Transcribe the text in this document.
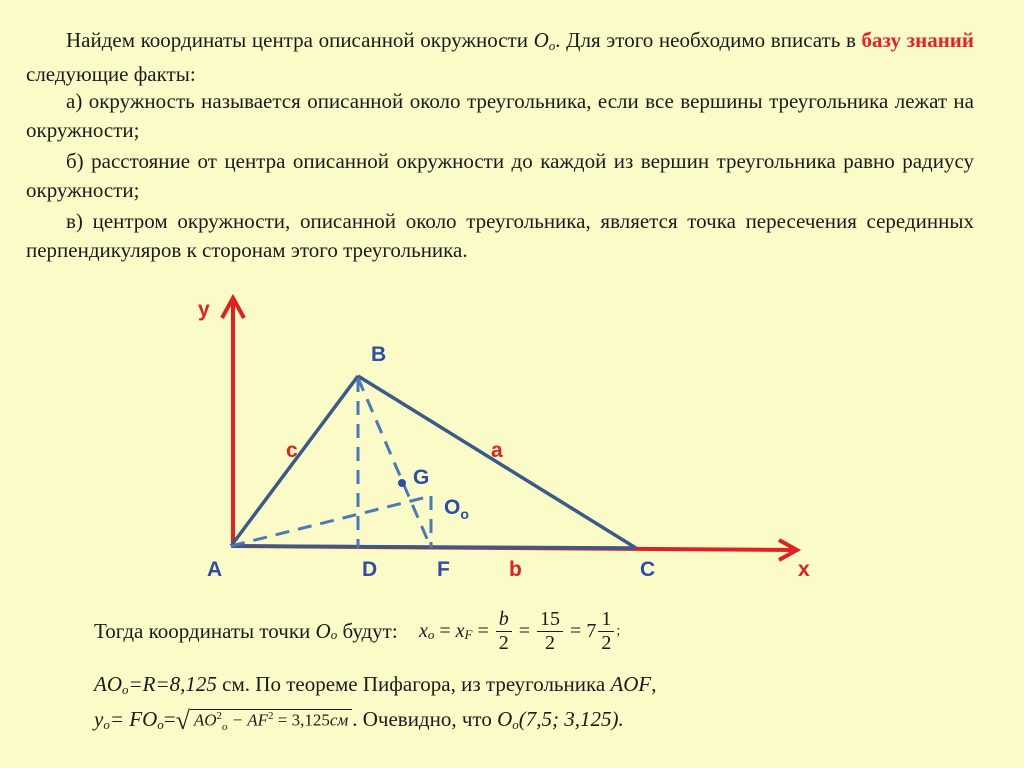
Найдем координаты центра описанной окружности $O_o$. Для этого необходимо вписать в базу знаний следующие факты:

а) окружность называется описанной около треугольника, если все вершины треугольника лежат на окружности;

б) расстояние от центра описанной окружности до каждой из вершин треугольника равно радиусу окружности;

в) центром окружности, описанной около треугольника, является точка пересечения серединных перпендикуляров к сторонам этого треугольника.

y
x
B
A	D	F	b	C
c	a
G
$O_o$
Тогда координаты точки $O_o$ будут: $x_o = x_F = \frac{b}{2} = \frac{15}{2} = 7 \frac{1}{2}$ ;
$AO_o=R=8,125$ см. По теореме Пифагора, из треугольника AOF,
$y_o= FO_o=√$ $AO^2_o - AF^2 = 3,125см$ . Очевидно, что $O_o(7,5$; 3,125).
